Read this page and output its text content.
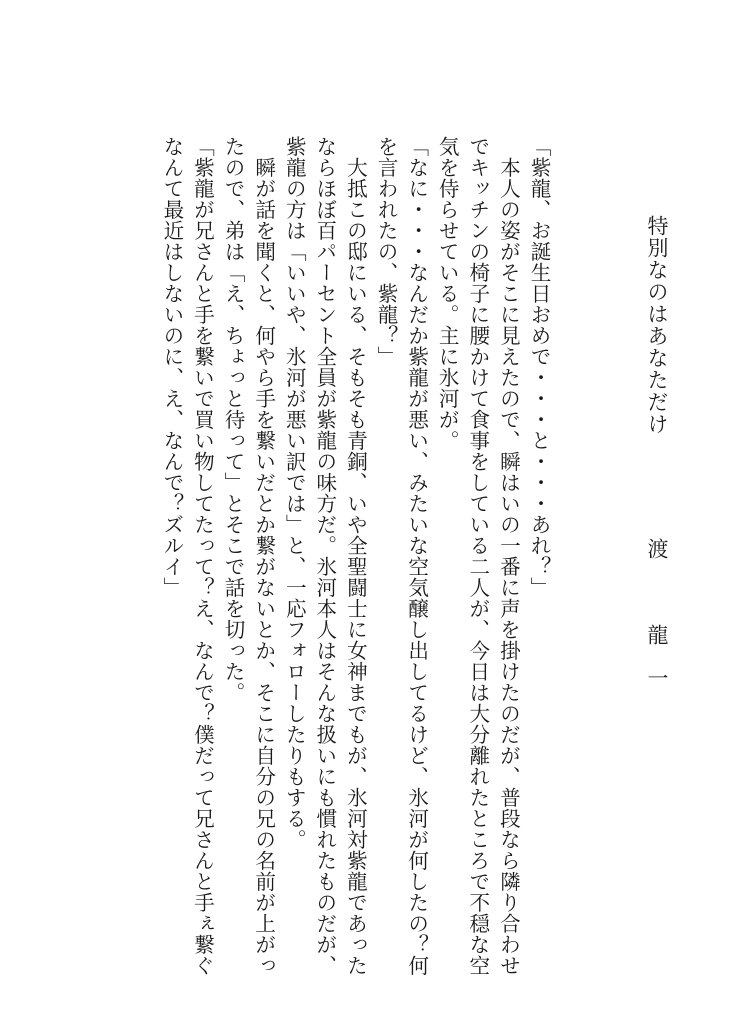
特別なのはあなただけ
渡　龍一

「紫龍、お誕生日おめで・・・と・・・あれ？」

本人の姿がそこに見えたので、瞬はいの一番に声を掛けたのだが、普段なら隣り合わせでキッチンの椅子に腰かけて食事をしている二人が、今日は大分離れたところで不穏な空気を侍らせている。主に氷河が。

「なに・・・なんだか紫龍が悪い、みたいな空気醸し出してるけど、氷河が何したの？何を言われたの、紫龍？」

大抵この邸にいる、そもそも青銅、いや全聖闘士に女神までもが、氷河対紫龍であったならほぼ百パーセント全員が紫龍の味方だ。氷河本人はそんな扱いにも慣れたものだが、紫龍の方は「いいや、氷河が悪い訳では」と、一応フォローしたりもする。

瞬が話を聞くと、何やら手を繋いだとか繋がないとか、そこに自分の兄の名前が上がったので、弟は「え、ちょっと待って」とそこで話を切った。

「紫龍が兄さんと手を繋いで買い物してたって？え、なんで？僕だって兄さんと手ぇ繋ぐなんて最近はしないのに、え、なんで？ズルイ」
